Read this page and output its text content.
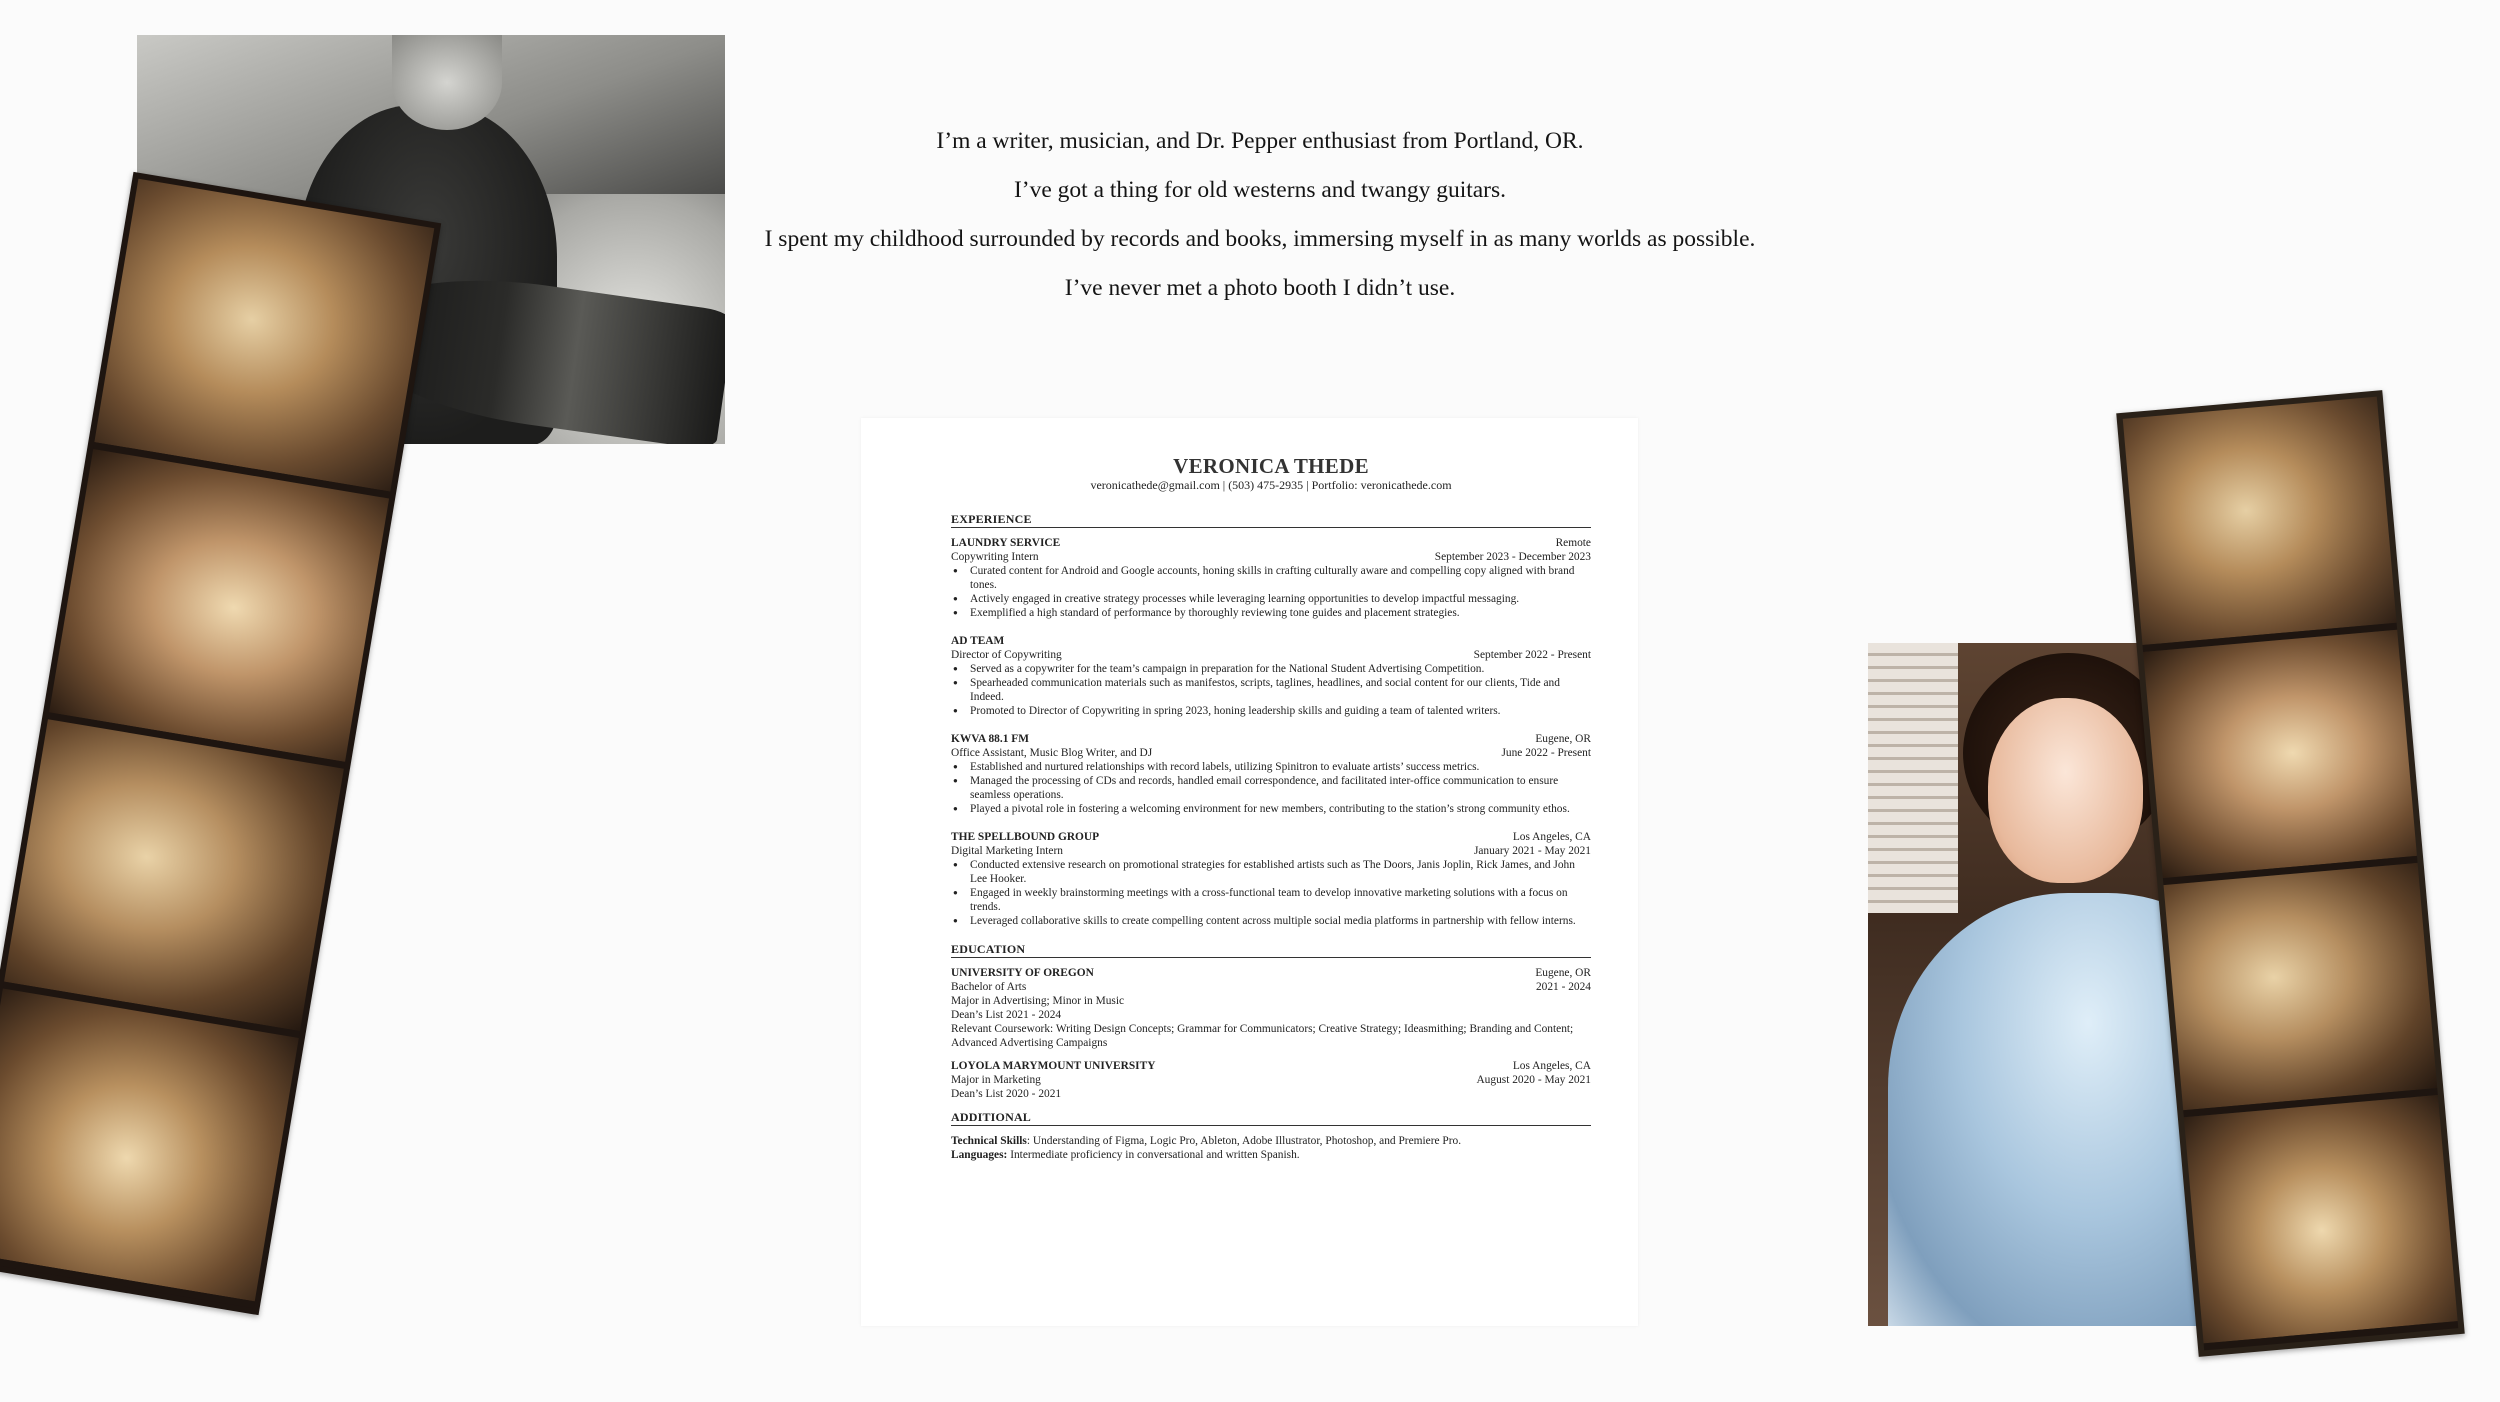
I’m a writer, musician, and Dr. Pepper enthusiast from Portland, OR.

I’ve got a thing for old westerns and twangy guitars.

I spent my childhood surrounded by records and books, immersing myself in as many worlds as possible.

I’ve never met a photo booth I didn’t use.

VERONICA THEDE
veronicathede@gmail.com | (503) 475-2935 | Portfolio: veronicathede.com
EXPERIENCE
LAUNDRY SERVICE	Remote
Copywriting Intern	September 2023 - December 2023
● Curated content for Android and Google accounts, honing skills in crafting culturally aware and compelling copy aligned with brand tones.
● Actively engaged in creative strategy processes while leveraging learning opportunities to develop impactful messaging.
● Exemplified a high standard of performance by thoroughly reviewing tone guides and placement strategies.
AD TEAM
Director of Copywriting	September 2022 - Present
● Served as a copywriter for the team’s campaign in preparation for the National Student Advertising Competition.
● Spearheaded communication materials such as manifestos, scripts, taglines, headlines, and social content for our clients, Tide and Indeed.
● Promoted to Director of Copywriting in spring 2023, honing leadership skills and guiding a team of talented writers.
KWVA 88.1 FM	Eugene, OR
Office Assistant, Music Blog Writer, and DJ	June 2022 - Present
● Established and nurtured relationships with record labels, utilizing Spinitron to evaluate artists’ success metrics.
● Managed the processing of CDs and records, handled email correspondence, and facilitated inter-office communication to ensure seamless operations.
● Played a pivotal role in fostering a welcoming environment for new members, contributing to the station’s strong community ethos.
THE SPELLBOUND GROUP	Los Angeles, CA
Digital Marketing Intern	January 2021 - May 2021
● Conducted extensive research on promotional strategies for established artists such as The Doors, Janis Joplin, Rick James, and John Lee Hooker.
● Engaged in weekly brainstorming meetings with a cross-functional team to develop innovative marketing solutions with a focus on trends.
● Leveraged collaborative skills to create compelling content across multiple social media platforms in partnership with fellow interns.
EDUCATION
UNIVERSITY OF OREGON	Eugene, OR
Bachelor of Arts	2021 - 2024
Major in Advertising; Minor in Music
Dean’s List 2021 - 2024
Relevant Coursework: Writing Design Concepts; Grammar for Communicators; Creative Strategy; Ideasmithing; Branding and Content; Advanced Advertising Campaigns
LOYOLA MARYMOUNT UNIVERSITY	Los Angeles, CA
Major in Marketing	August 2020 - May 2021
Dean’s List 2020 - 2021
ADDITIONAL
Technical Skills: Understanding of Figma, Logic Pro, Ableton, Adobe Illustrator, Photoshop, and Premiere Pro.
Languages: Intermediate proficiency in conversational and written Spanish.
